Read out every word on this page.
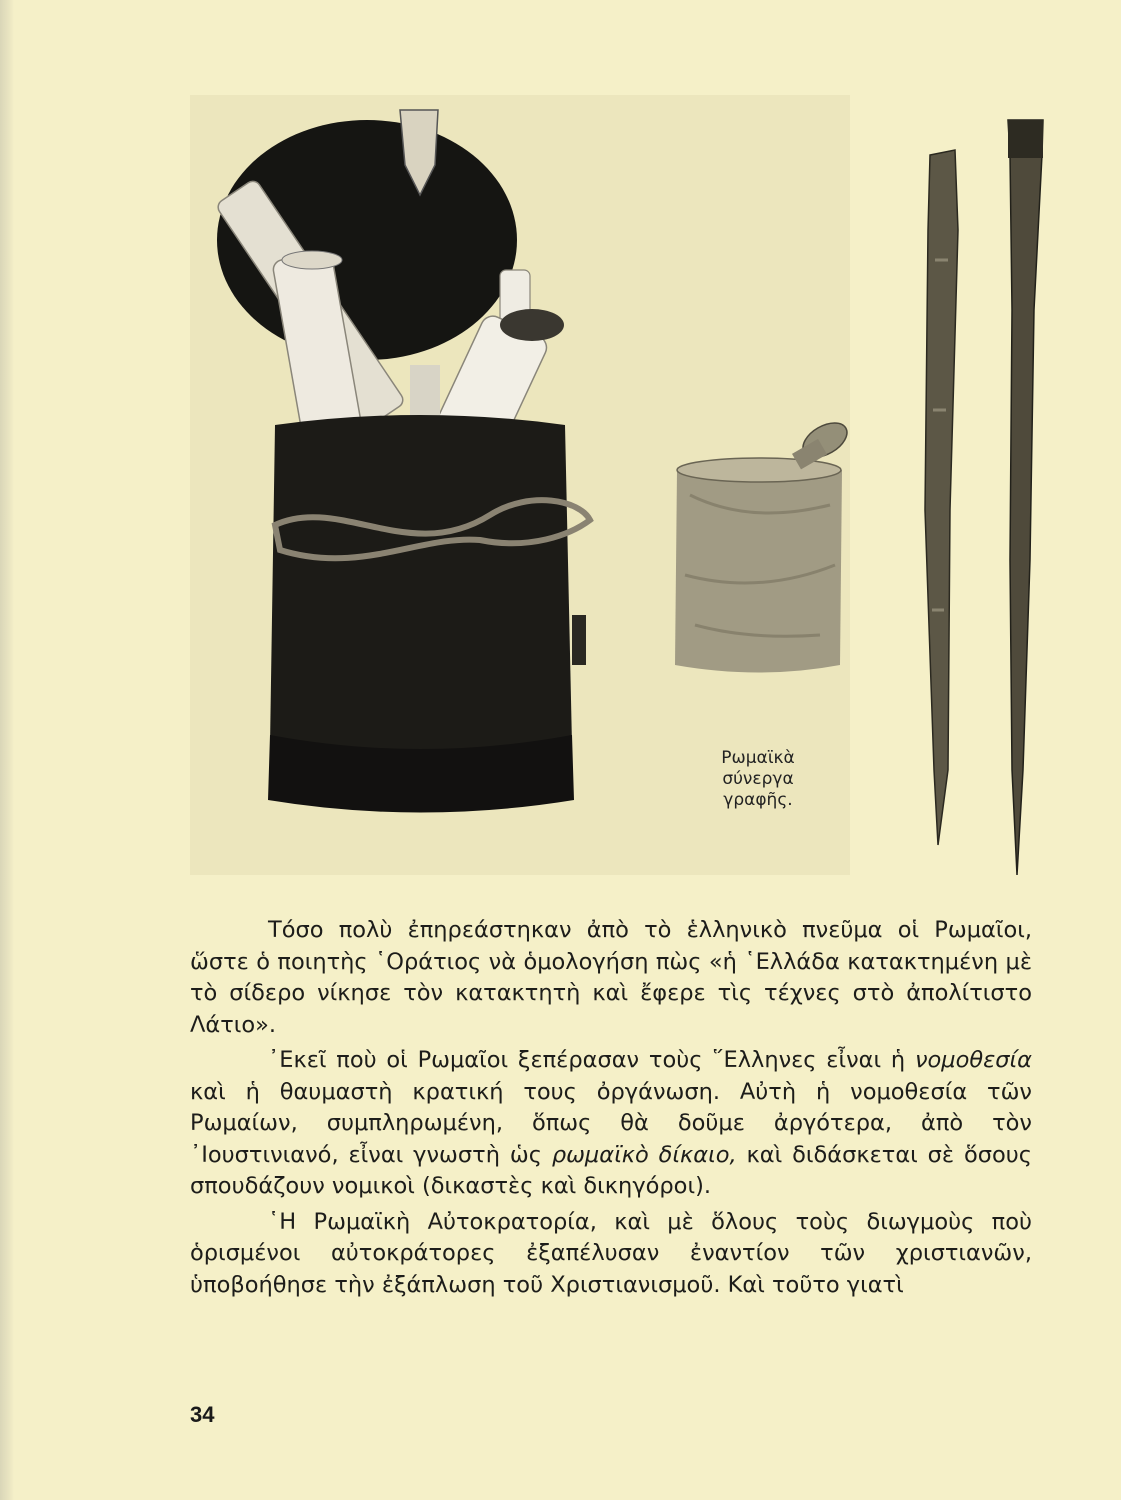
Ρωμαϊκὰ
σύνεργα
γραφῆς.

Τόσο πολὺ ἐπηρεάστηκαν ἀπὸ τὸ ἑλληνικὸ πνεῦμα οἱ Ρωμαῖοι, ὥστε ὁ ποιητὴς ῾Οράτιος νὰ ὁμολογήση πὼς «ἡ ῾Ελλάδα κατακτημένη μὲ τὸ σίδερο νίκησε τὸν κατακτητὴ καὶ ἔφερε τὶς τέχνες στὸ ἀπολίτιστο Λάτιο».

᾿Εκεῖ ποὺ οἱ Ρωμαῖοι ξεπέρασαν τοὺς ῞Ελληνες εἶναι ἡ νομοθεσία καὶ ἡ θαυμαστὴ κρατική τους ὀργάνωση. Αὐτὴ ἡ νομοθεσία τῶν Ρωμαίων, συμπληρωμένη, ὅπως θὰ δοῦμε ἀργότερα, ἀπὸ τὸν ᾿Ιουστινιανό, εἶναι γνωστὴ ὡς ρωμαϊκὸ δίκαιο, καὶ διδάσκεται σὲ ὅσους σπουδάζουν νομικοὶ (δικαστὲς καὶ δικηγόροι).

῾Η Ρωμαϊκὴ Αὐτοκρατορία, καὶ μὲ ὅλους τοὺς διωγμοὺς ποὺ ὁρισμένοι αὐτοκράτορες ἐξαπέλυσαν ἐναντίον τῶν χριστιανῶν, ὑποβοήθησε τὴν ἐξάπλωση τοῦ Χριστιανισμοῦ. Καὶ τοῦτο γιατὶ

34
